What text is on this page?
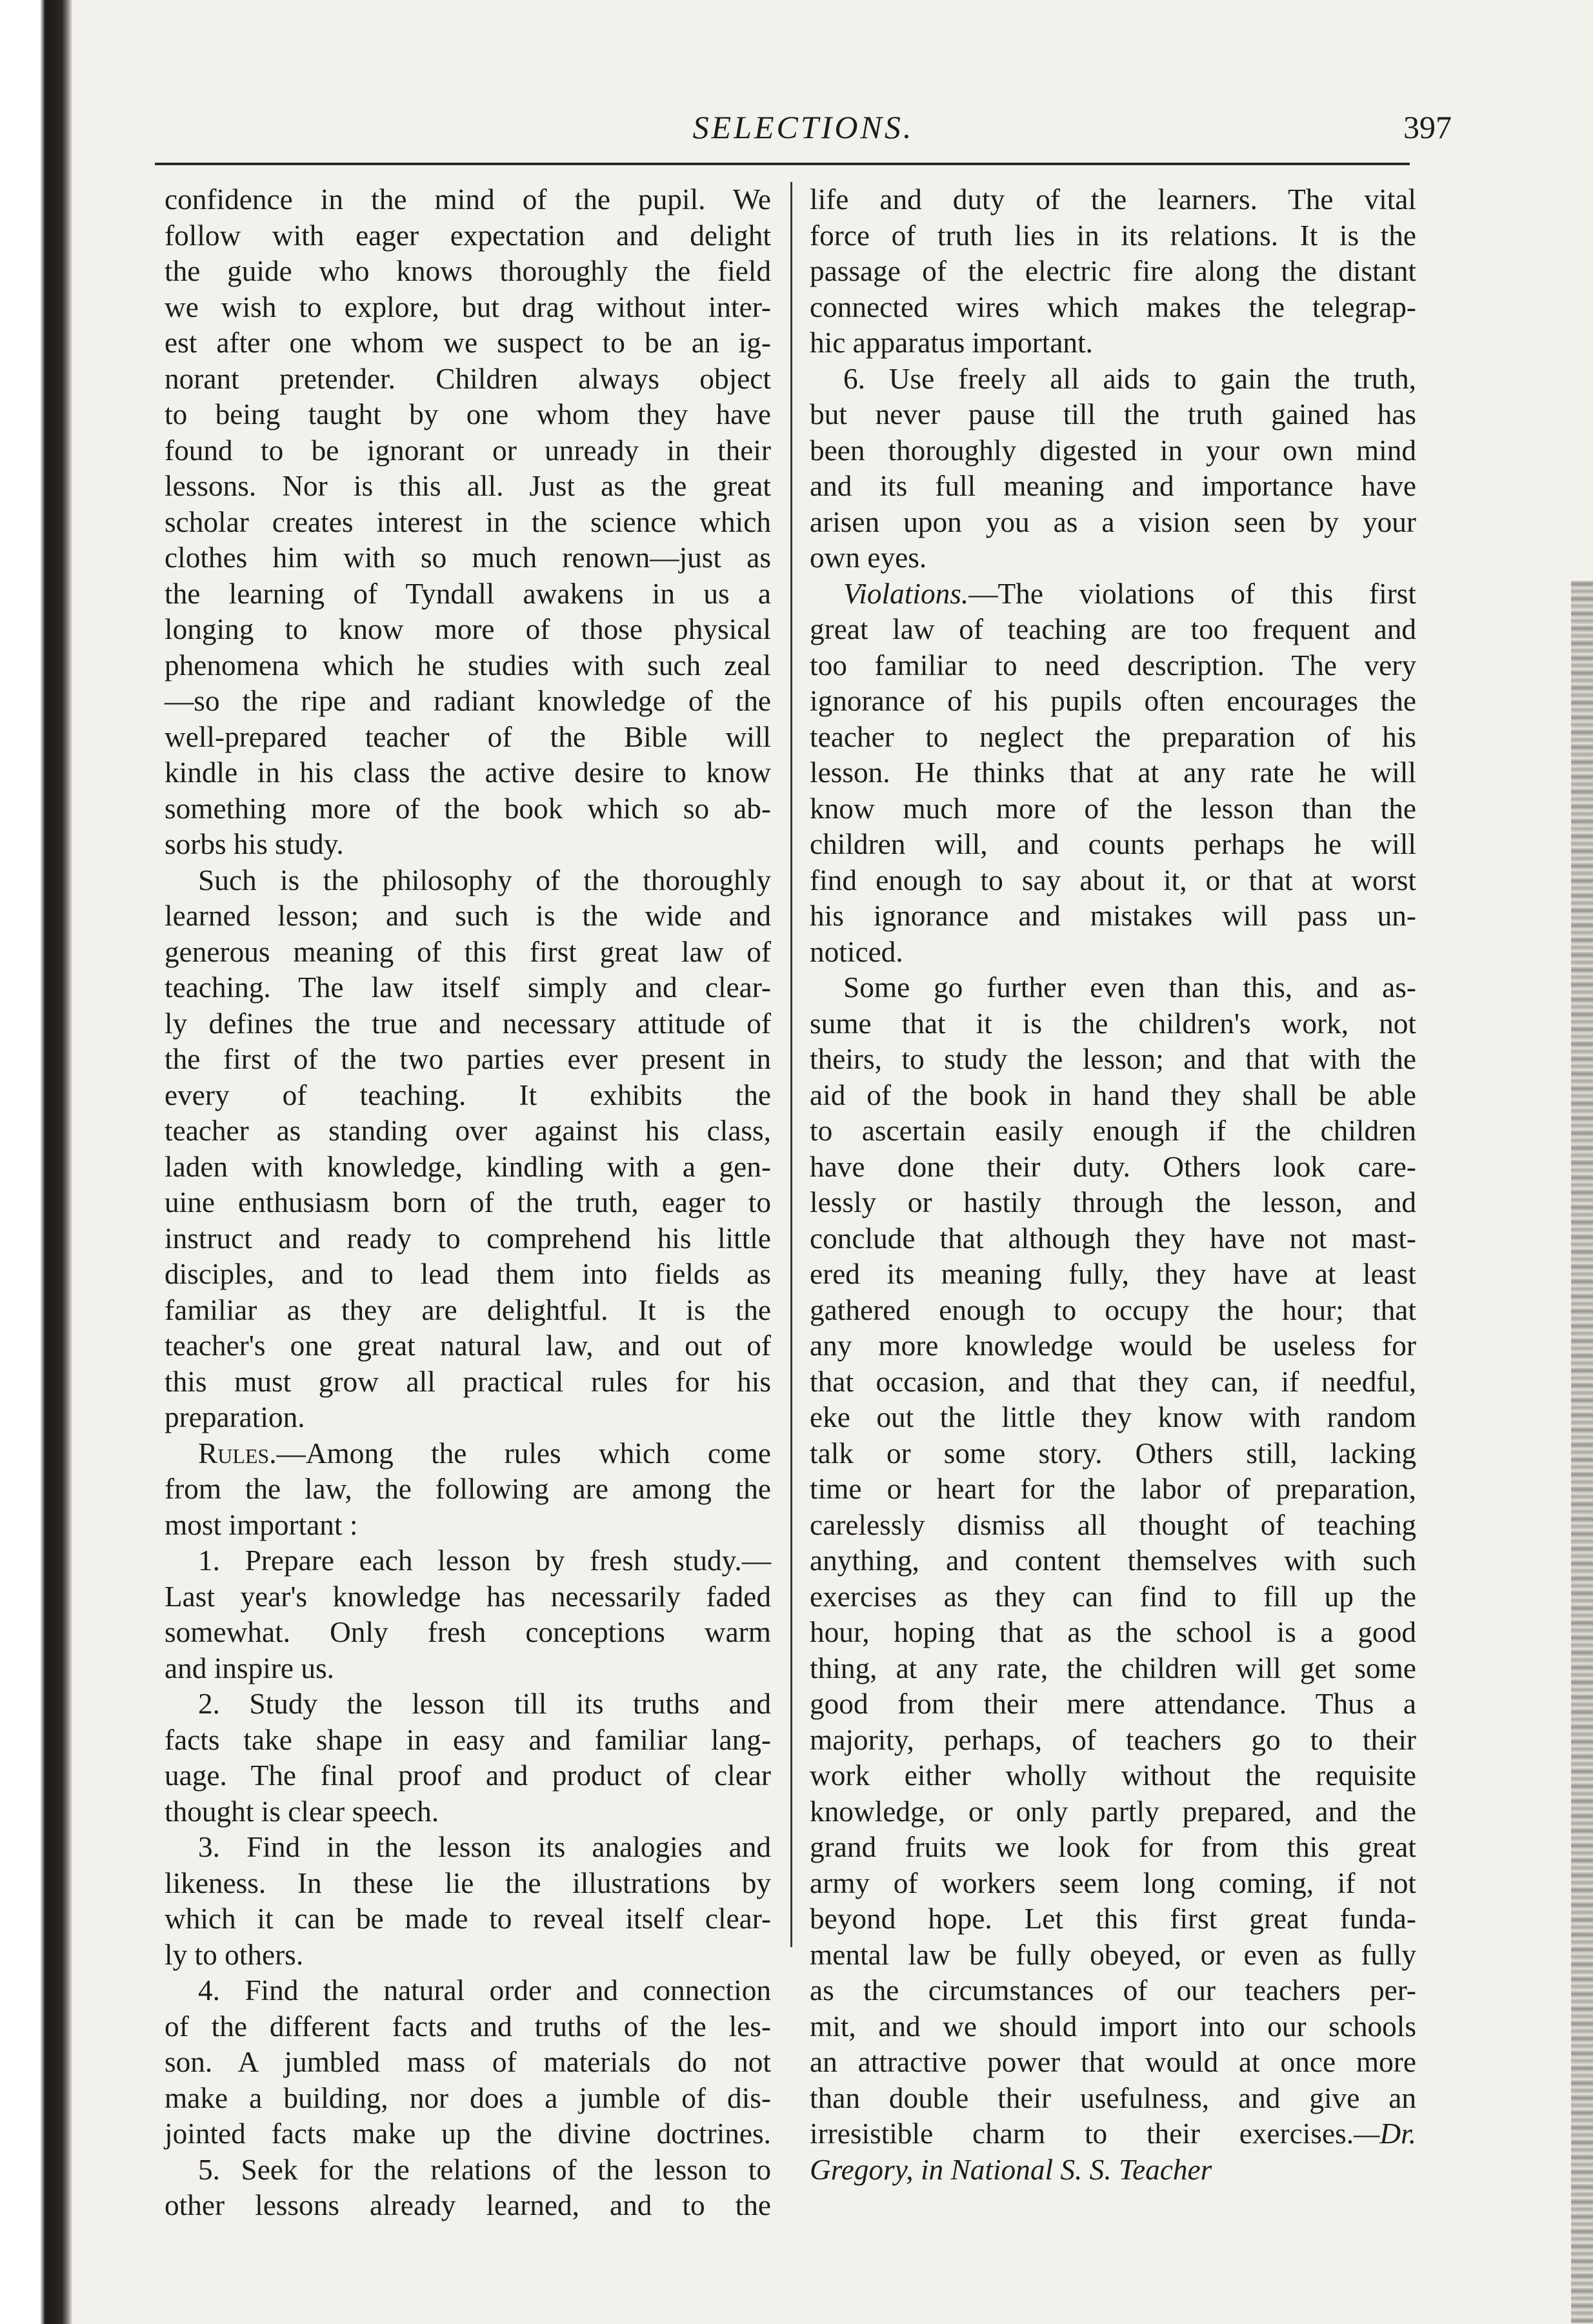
SELECTIONS.	397
confidence in the mind of the pupil. We
follow with eager expectation and delight
the guide who knows thoroughly the field
we wish to explore, but drag without inter-
est after one whom we suspect to be an ig-
norant pretender. Children always object
to being taught by one whom they have
found to be ignorant or unready in their
lessons. Nor is this all. Just as the great
scholar creates interest in the science which
clothes him with so much renown—just as
the learning of Tyndall awakens in us a
longing to know more of those physical
phenomena which he studies with such zeal
—so the ripe and radiant knowledge of the
well-prepared teacher of the Bible will
kindle in his class the active desire to know
something more of the book which so ab-
sorbs his study.
Such is the philosophy of the thoroughly
learned lesson; and such is the wide and
generous meaning of this first great law of
teaching. The law itself simply and clear-
ly defines the true and necessary attitude of
the first of the two parties ever present in
every of teaching. It exhibits the
teacher as standing over against his class,
laden with knowledge, kindling with a gen-
uine enthusiasm born of the truth, eager to
instruct and ready to comprehend his little
disciples, and to lead them into fields as
familiar as they are delightful. It is the
teacher's one great natural law, and out of
this must grow all practical rules for his
preparation.
Rules.—Among the rules which come
from the law, the following are among the
most important :
1. Prepare each lesson by fresh study.—
Last year's knowledge has necessarily faded
somewhat. Only fresh conceptions warm
and inspire us.
2. Study the lesson till its truths and
facts take shape in easy and familiar lang-
uage. The final proof and product of clear
thought is clear speech.
3. Find in the lesson its analogies and
likeness. In these lie the illustrations by
which it can be made to reveal itself clear-
ly to others.
4. Find the natural order and connection
of the different facts and truths of the les-
son. A jumbled mass of materials do not
make a building, nor does a jumble of dis-
jointed facts make up the divine doctrines.
5. Seek for the relations of the lesson to
other lessons already learned, and to the
life and duty of the learners. The vital
force of truth lies in its relations. It is the
passage of the electric fire along the distant
connected wires which makes the telegrap-
hic apparatus important.
6. Use freely all aids to gain the truth,
but never pause till the truth gained has
been thoroughly digested in your own mind
and its full meaning and importance have
arisen upon you as a vision seen by your
own eyes.
Violations.—The violations of this first
great law of teaching are too frequent and
too familiar to need description. The very
ignorance of his pupils often encourages the
teacher to neglect the preparation of his
lesson. He thinks that at any rate he will
know much more of the lesson than the
children will, and counts perhaps he will
find enough to say about it, or that at worst
his ignorance and mistakes will pass un-
noticed.
Some go further even than this, and as-
sume that it is the children's work, not
theirs, to study the lesson; and that with the
aid of the book in hand they shall be able
to ascertain easily enough if the children
have done their duty. Others look care-
lessly or hastily through the lesson, and
conclude that although they have not mast-
ered its meaning fully, they have at least
gathered enough to occupy the hour; that
any more knowledge would be useless for
that occasion, and that they can, if needful,
eke out the little they know with random
talk or some story. Others still, lacking
time or heart for the labor of preparation,
carelessly dismiss all thought of teaching
anything, and content themselves with such
exercises as they can find to fill up the
hour, hoping that as the school is a good
thing, at any rate, the children will get some
good from their mere attendance. Thus a
majority, perhaps, of teachers go to their
work either wholly without the requisite
knowledge, or only partly prepared, and the
grand fruits we look for from this great
army of workers seem long coming, if not
beyond hope. Let this first great funda-
mental law be fully obeyed, or even as fully
as the circumstances of our teachers per-
mit, and we should import into our schools
an attractive power that would at once more
than double their usefulness, and give an
irresistible charm to their exercises.—Dr.
Gregory, in National S. S. Teacher
